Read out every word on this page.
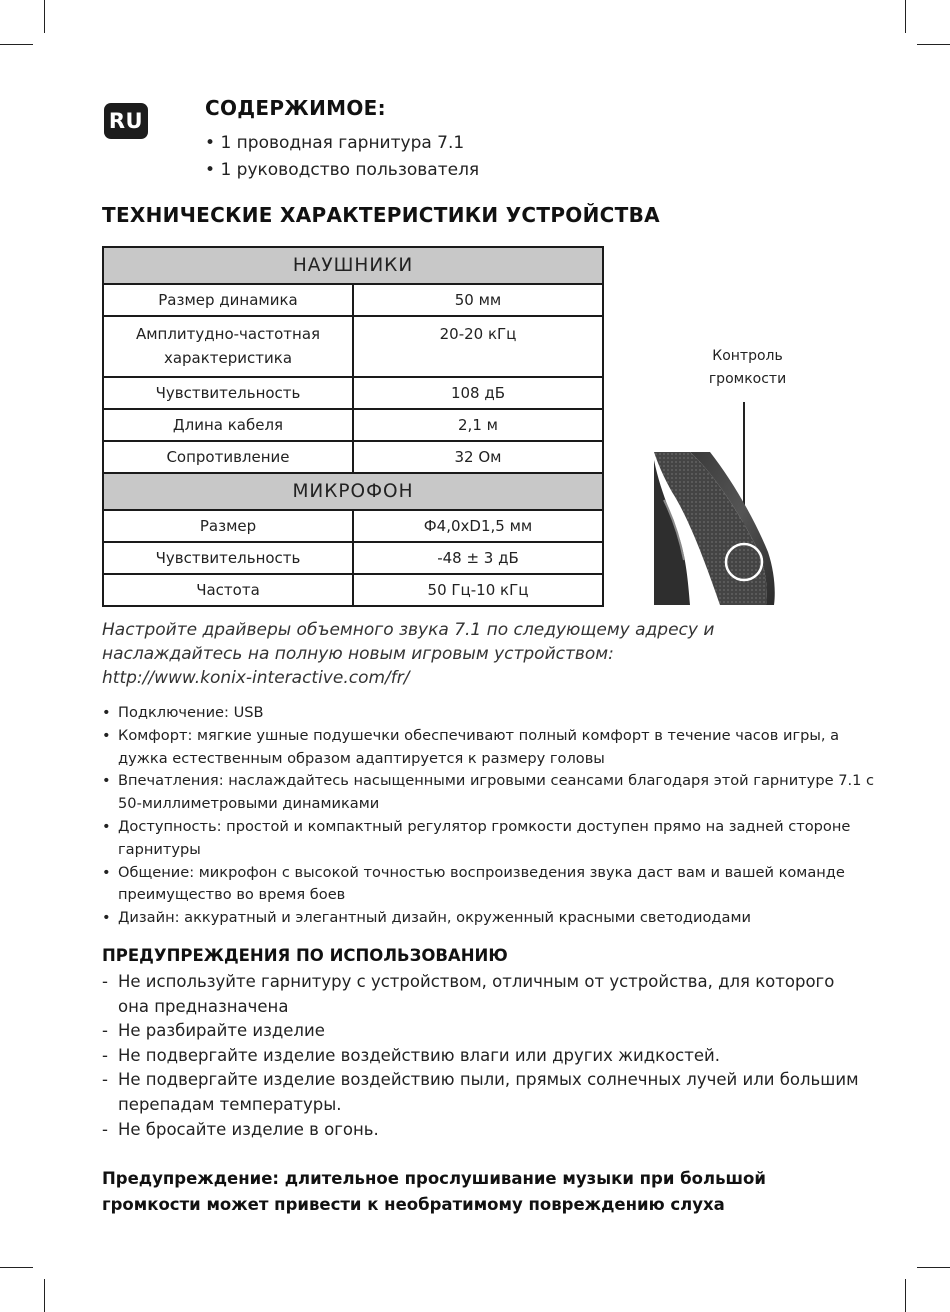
RU
СОДЕРЖИМОЕ:
• 1 проводная гарнитура 7.1
• 1 руководство пользователя
ТЕХНИЧЕСКИЕ ХАРАКТЕРИСТИКИ УСТРОЙСТВА
НАУШНИКИ	
Размер динамика	50 мм
Амплитудно-частотная характеристика	20-20 кГц
Чувствительность	108 дБ
Длина кабеля	2,1 м
Сопротивление	32 Ом
МИКРОФОН	
Размер	Ф4,0xD1,5 мм
Чувствительность	-48 ± 3 дБ
Частота	50 Гц-10 кГц
Контроль
громкости
Настройте драйверы объемного звука 7.1 по следующему адресу и
наслаждайтесь на полную новым игровым устройством:
http://www.konix-interactive.com/fr/
• Подключение: USB
• Комфорт: мягкие ушные подушечки обеспечивают полный комфорт в течение часов игры, а дужка естественным образом адаптируется к размеру головы
• Впечатления: наслаждайтесь насыщенными игровыми сеансами благодаря этой гарнитуре 7.1 с 50-миллиметровыми динамиками
• Доступность: простой и компактный регулятор громкости доступен прямо на задней стороне гарнитуры
• Общение: микрофон с высокой точностью воспроизведения звука даст вам и вашей команде преимущество во время боев
• Дизайн: аккуратный и элегантный дизайн, окруженный красными светодиодами
ПРЕДУПРЕЖДЕНИЯ ПО ИСПОЛЬЗОВАНИЮ
- Не используйте гарнитуру с устройством, отличным от устройства, для которого она предназначена
- Не разбирайте изделие
- Не подвергайте изделие воздействию влаги или других жидкостей.
- Не подвергайте изделие воздействию пыли, прямых солнечных лучей или большим перепадам температуры.
- Не бросайте изделие в огонь.
Предупреждение: длительное прослушивание музыки при большой
громкости может привести к необратимому повреждению слуха
